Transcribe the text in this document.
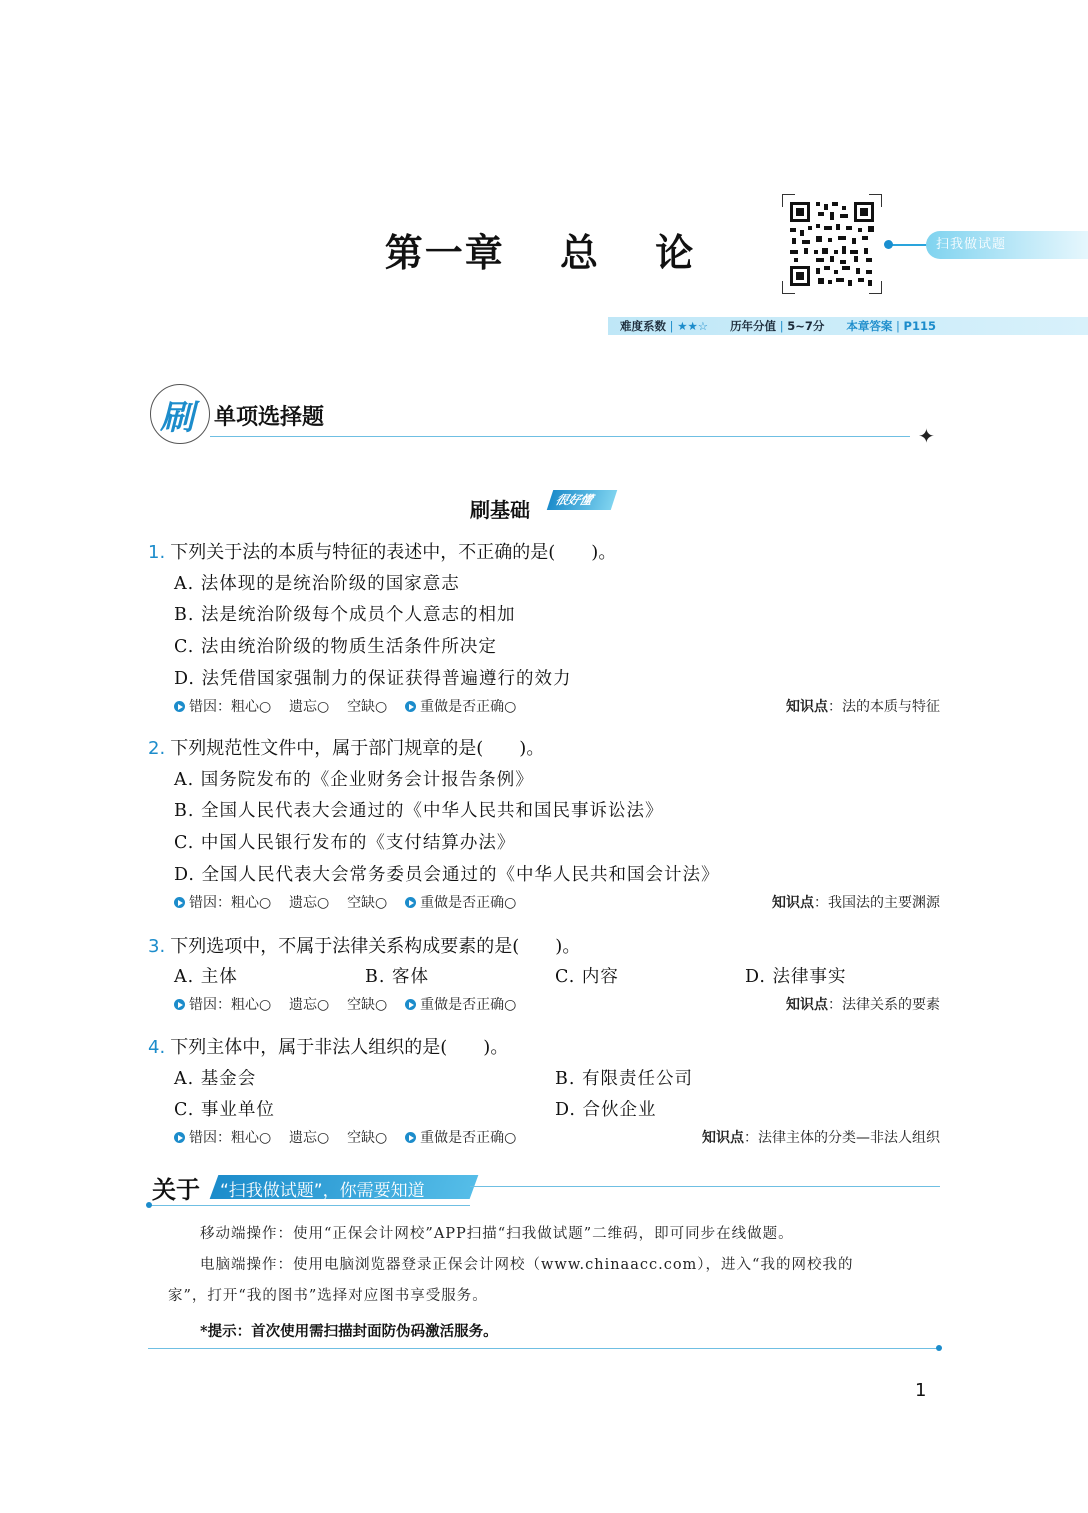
第一章　 总　 论	扫我做试题
难度系数 | ★★☆ 历年分值 | 5~7分 本章答案 | P115
刷 单项选择题
✦
刷基础	很好懂
1. 下列关于法的本质与特征的表述中，不正确的是(　　)。
A. 法体现的是统治阶级的国家意志
B. 法是统治阶级每个成员个人意志的相加
C. 法由统治阶级的物质生活条件所决定
D. 法凭借国家强制力的保证获得普遍遵行的效力
错因：粗心○ 遗忘○ 空缺○ 重做是否正确○	知识点：法的本质与特征
2. 下列规范性文件中，属于部门规章的是(　　)。
A. 国务院发布的《企业财务会计报告条例》
B. 全国人民代表大会通过的《中华人民共和国民事诉讼法》
C. 中国人民银行发布的《支付结算办法》
D. 全国人民代表大会常务委员会通过的《中华人民共和国会计法》
错因：粗心○ 遗忘○ 空缺○ 重做是否正确○	知识点：我国法的主要渊源
3. 下列选项中，不属于法律关系构成要素的是(　　)。
A. 主体	B. 客体	C. 内容	D. 法律事实
错因：粗心○ 遗忘○ 空缺○ 重做是否正确○	知识点：法律关系的要素
4. 下列主体中，属于非法人组织的是(　　)。
A. 基金会	B. 有限责任公司
C. 事业单位	D. 合伙企业
错因：粗心○ 遗忘○ 空缺○ 重做是否正确○	知识点：法律主体的分类—非法人组织
关于 “扫我做试题”，你需要知道
移动端操作：使用“正保会计网校”APP扫描“扫我做试题”二维码，即可同步在线做题。
电脑端操作：使用电脑浏览器登录正保会计网校（www.chinaacc.com），进入“我的网校我的
家”，打开“我的图书”选择对应图书享受服务。
*提示：首次使用需扫描封面防伪码激活服务。
1
